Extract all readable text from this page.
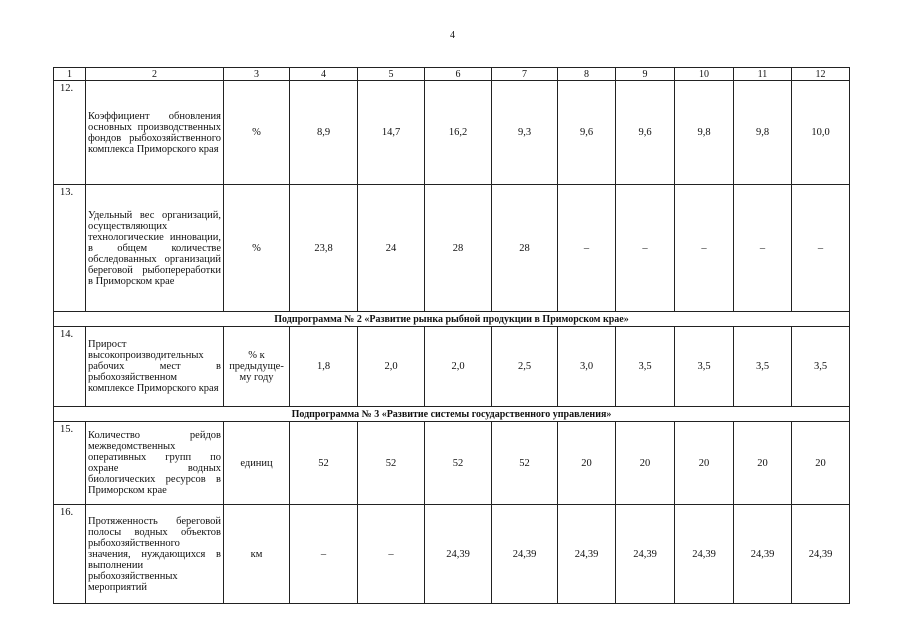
4
1	2	3	4	5	6	7	8	9	10	11	12
12.	Коэффициент обновления основных производственных фондов рыбохозяйственного комплекса Приморского края	%	8,9	14,7	16,2	9,3	9,6	9,6	9,8	9,8	10,0
13.	Удельный вес организаций, осуществляющих технологические инновации, в общем количестве обследованных организаций береговой рыбопереработки в Приморском крае	%	23,8	24	28	28	–	–	–	–	–
Подпрограмма № 2 «Развитие рынка рыбной продукции в Приморском крае»											
14.	Прирост высокопроизводительных рабочих мест в рыбохозяйственном комплексе Приморского края	% к предыдуще-му году	1,8	2,0	2,0	2,5	3,0	3,5	3,5	3,5	3,5
Подпрограмма № 3 «Развитие системы государственного управления»											
15.	Количество рейдов межведомственных оперативных групп по охране водных биологических ресурсов в Приморском крае	единиц	52	52	52	52	20	20	20	20	20
16.	Протяженность береговой полосы водных объектов рыбохозяйственного значения, нуждающихся в выполнении рыбохозяйственных мероприятий	км	–	–	24,39	24,39	24,39	24,39	24,39	24,39	24,39
